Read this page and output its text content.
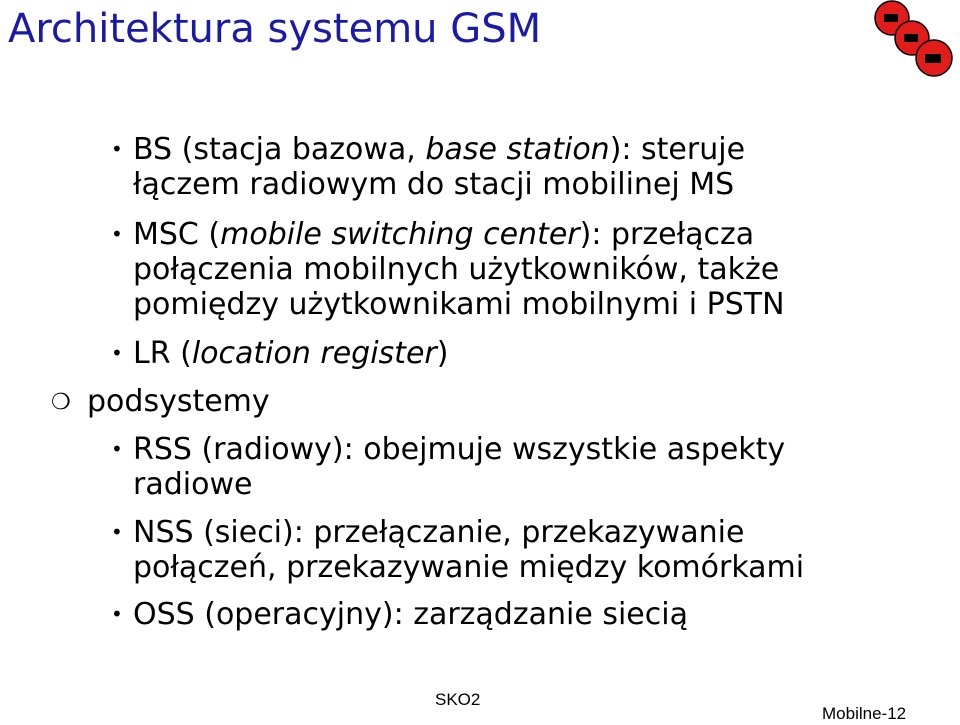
Architektura systemu GSM
• BS (stacja bazowa, base station): steruje
łączem radiowym do stacji mobilinej MS
• MSC (mobile switching center): przełącza
połączenia mobilnych użytkowników, także
pomiędzy użytkownikami mobilnymi i PSTN
• LR (location register)
❍ podsystemy
• RSS (radiowy): obejmuje wszystkie aspekty
radiowe
• NSS (sieci): przełączanie, przekazywanie
połączeń, przekazywanie między komórkami
• OSS (operacyjny): zarządzanie siecią
SKO2
Mobilne-12
